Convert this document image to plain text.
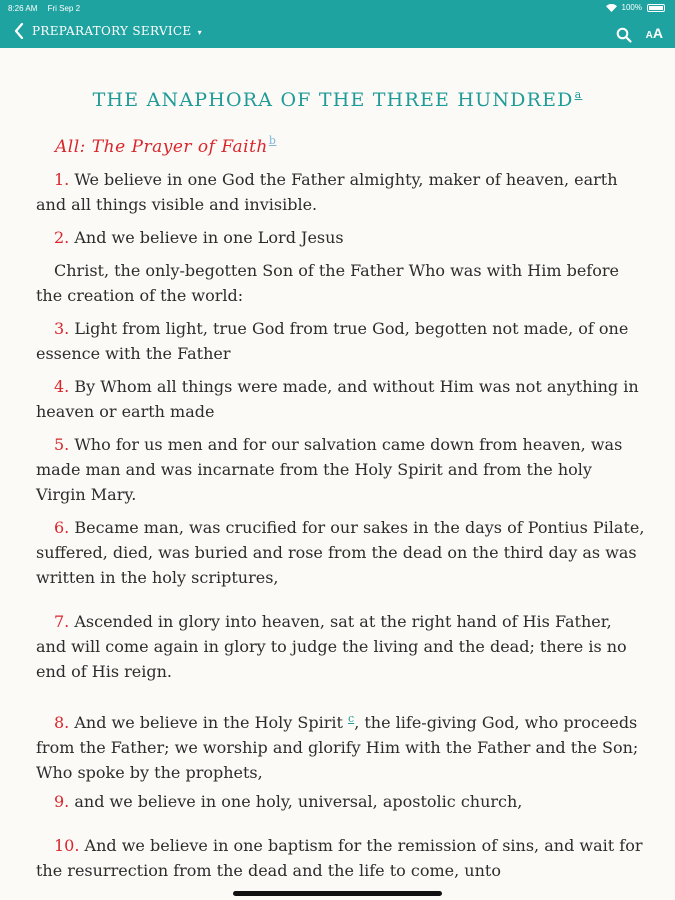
8:26 AM Fri Sep 2	100%
PREPARATORY SERVICE ▾	AA
THE ANAPHORA OF THE THREE HUNDRED$^a$
All: The Prayer of Faith$^b$
1. We believe in one God the Father almighty, maker of heaven, earth and all things visible and invisible.
2. And we believe in one Lord Jesus
Christ, the only-begotten Son of the Father Who was with Him before the creation of the world:
3. Light from light, true God from true God, begotten not made, of one essence with the Father
4. By Whom all things were made, and without Him was not anything in heaven or earth made
5. Who for us men and for our salvation came down from heaven, was made man and was incarnate from the Holy Spirit and from the holy Virgin Mary.
6. Became man, was crucified for our sakes in the days of Pontius Pilate, suffered, died, was buried and rose from the dead on the third day as was written in the holy scriptures,
7. Ascended in glory into heaven, sat at the right hand of His Father, and will come again in glory to judge the living and the dead; there is no end of His reign.
8. And we believe in the Holy Spirit $^c$, the life-giving God, who proceeds from the Father; we worship and glorify Him with the Father and the Son; Who spoke by the prophets,
9. and we believe in one holy, universal, apostolic church,
10. And we believe in one baptism for the remission of sins, and wait for the resurrection from the dead and the life to come, unto
